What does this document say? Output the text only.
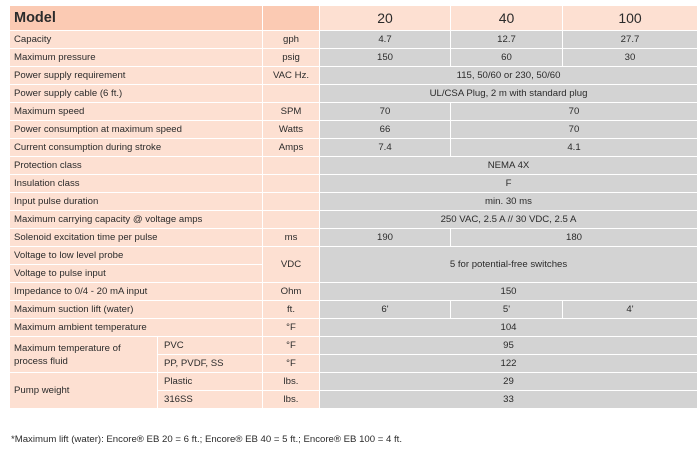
Model			20	40	100
Capacity		gph	4.7	12.7	27.7
Maximum pressure		psig	150	60	30
Power supply requirement		VAC Hz.	115, 50/60 or 230, 50/60		
Power supply cable (6 ft.)			UL/CSA Plug, 2 m with standard plug		
Maximum speed		SPM	70	70	
Power consumption at maximum speed		Watts	66	70	
Current consumption during stroke		Amps	7.4	4.1	
Protection class			NEMA 4X		
Insulation class			F		
Input pulse duration			min. 30 ms		
Maximum carrying capacity @ voltage amps			250 VAC, 2.5 A // 30 VDC, 2.5 A		
Solenoid excitation time per pulse		ms	190	180	
Voltage to low level probe		VDC	5 for potential-free switches		
Voltage to pulse input					
Impedance to 0/4 - 20 mA input		Ohm	150		
Maximum suction lift (water)		ft.	6'	5'	4'
Maximum ambient temperature		°F	104		
Maximum temperature of process fluid	PVC	°F	95		
	PP, PVDF, SS	°F	122		
Pump weight	Plastic	lbs.	29		
	316SS	lbs.	33		
*Maximum lift (water): Encore® EB 20 = 6 ft.; Encore® EB 40 = 5 ft.; Encore® EB 100 = 4 ft.
